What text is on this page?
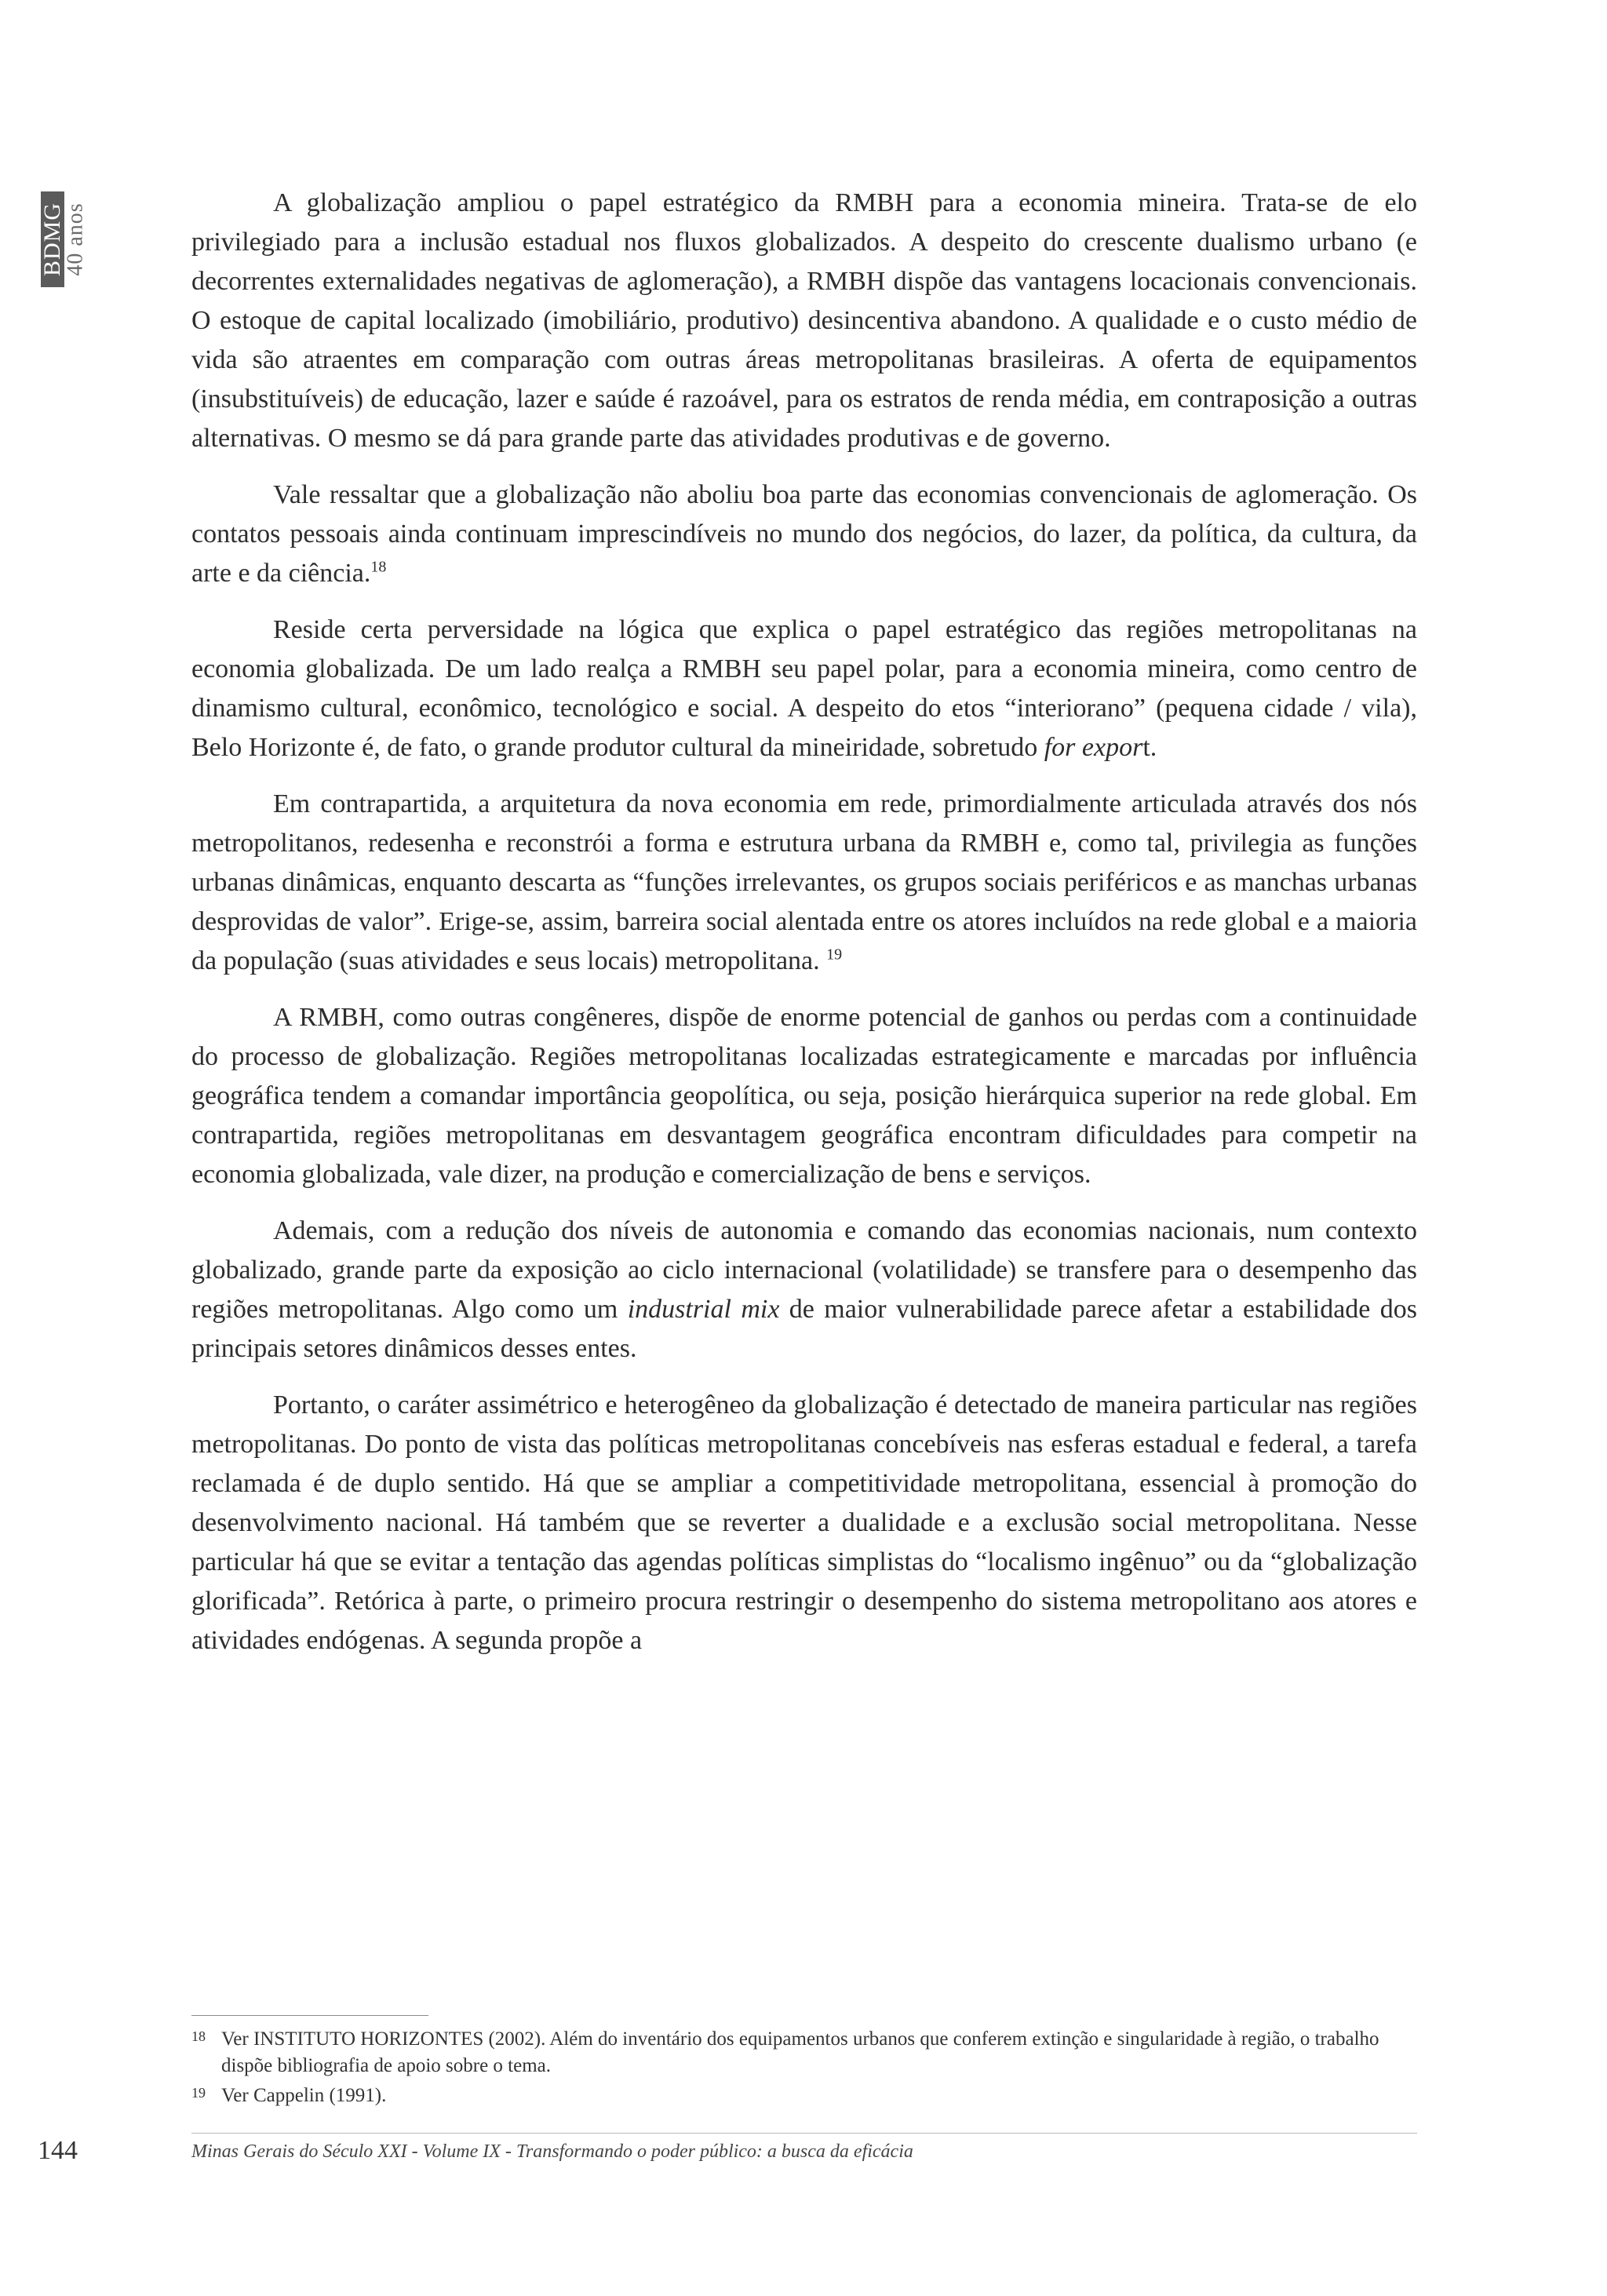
BDMG
40 anos	A globalização ampliou o papel estratégico da RMBH para a economia mineira. Trata-se de elo privilegiado para a inclusão estadual nos fluxos globalizados. A despeito do crescente dualismo urbano (e decorrentes externalidades negativas de aglomeração), a RMBH dispõe das vantagens locacionais convencionais. O estoque de capital localizado (imobiliário, produtivo) desincentiva abandono. A qualidade e o custo médio de vida são atraentes em comparação com outras áreas metropolitanas brasileiras. A oferta de equipamentos (insubstituíveis) de educação, lazer e saúde é razoável, para os estratos de renda média, em contraposição a outras alternativas. O mesmo se dá para grande parte das atividades produtivas e de governo.

Vale ressaltar que a globalização não aboliu boa parte das economias convencionais de aglomeração. Os contatos pessoais ainda continuam imprescindíveis no mundo dos negócios, do lazer, da política, da cultura, da arte e da ciência.$^{18}$

Reside certa perversidade na lógica que explica o papel estratégico das regiões metropolitanas na economia globalizada. De um lado realça a RMBH seu papel polar, para a economia mineira, como centro de dinamismo cultural, econômico, tecnológico e social. A despeito do etos “interiorano” (pequena cidade / vila), Belo Horizonte é, de fato, o grande produtor cultural da mineiridade, sobretudo for export.

Em contrapartida, a arquitetura da nova economia em rede, primordialmente articulada através dos nós metropolitanos, redesenha e reconstrói a forma e estrutura urbana da RMBH e, como tal, privilegia as funções urbanas dinâmicas, enquanto descarta as “funções irrelevantes, os grupos sociais periféricos e as manchas urbanas desprovidas de valor”. Erige-se, assim, barreira social alentada entre os atores incluídos na rede global e a maioria da população (suas atividades e seus locais) metropolitana. $^{19}$

A RMBH, como outras congêneres, dispõe de enorme potencial de ganhos ou perdas com a continuidade do processo de globalização. Regiões metropolitanas localizadas estrategicamente e marcadas por influência geográfica tendem a comandar importância geopolítica, ou seja, posição hierárquica superior na rede global. Em contrapartida, regiões metropolitanas em desvantagem geográfica encontram dificuldades para competir na economia globalizada, vale dizer, na produção e comercialização de bens e serviços.

Ademais, com a redução dos níveis de autonomia e comando das economias nacionais, num contexto globalizado, grande parte da exposição ao ciclo internacional (volatilidade) se transfere para o desempenho das regiões metropolitanas. Algo como um industrial mix de maior vulnerabilidade parece afetar a estabilidade dos principais setores dinâmicos desses entes.

Portanto, o caráter assimétrico e heterogêneo da globalização é detectado de maneira particular nas regiões metropolitanas. Do ponto de vista das políticas metropolitanas concebíveis nas esferas estadual e federal, a tarefa reclamada é de duplo sentido. Há que se ampliar a competitividade metropolitana, essencial à promoção do desenvolvimento nacional. Há também que se reverter a dualidade e a exclusão social metropolitana. Nesse particular há que se evitar a tentação das agendas políticas simplistas do “localismo ingênuo” ou da “globalização glorificada”. Retórica à parte, o primeiro procura restringir o desempenho do sistema metropolitano aos atores e atividades endógenas. A segunda propõe a

18 Ver INSTITUTO HORIZONTES (2002). Além do inventário dos equipamentos urbanos que conferem extinção e singularidade à região, o trabalho dispõe bibliografia de apoio sobre o tema.
19 Ver Cappelin (1991).
144	Minas Gerais do Século XXI - Volume IX - Transformando o poder público: a busca da eficácia
